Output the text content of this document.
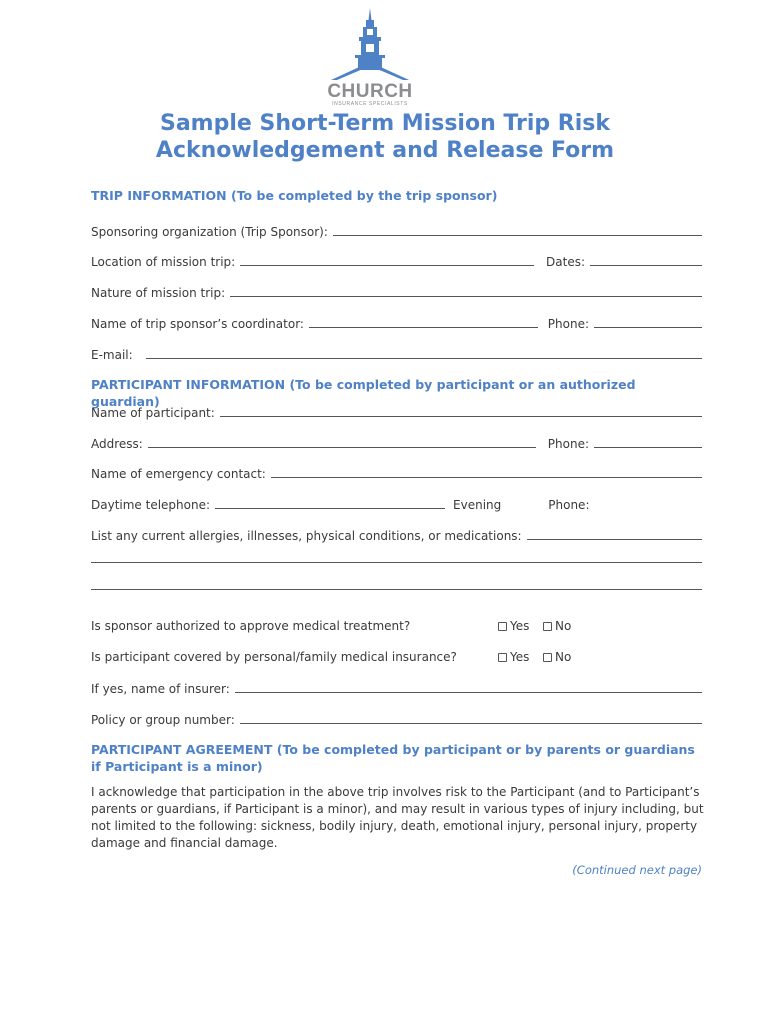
CHURCH
INSURANCE SPECIALISTS
Sample Short-Term Mission Trip Risk
Acknowledgement and Release Form
TRIP INFORMATION (To be completed by the trip sponsor)
Sponsoring organization (Trip Sponsor):
Location of mission trip:	Dates:
Nature of mission trip:
Name of trip sponsor’s coordinator:	Phone:
E-mail:
PARTICIPANT INFORMATION (To be completed by participant or an authorized guardian)
Name of participant:
Address:	Phone:
Name of emergency contact:
Daytime telephone:	Evening	Phone:
List any current allergies, illnesses, physical conditions, or medications:
Is sponsor authorized to approve medical treatment?	Yes No
Is participant covered by personal/family medical insurance?	Yes No
If yes, name of insurer:
Policy or group number:
PARTICIPANT AGREEMENT (To be completed by participant or by parents or guardians if Participant is a minor)
I acknowledge that participation in the above trip involves risk to the Participant (and to Participant’s parents or guardians, if Participant is a minor), and may result in various types of injury including, but not limited to the following: sickness, bodily injury, death, emotional injury, personal injury, property damage and financial damage.
(Continued next page)
